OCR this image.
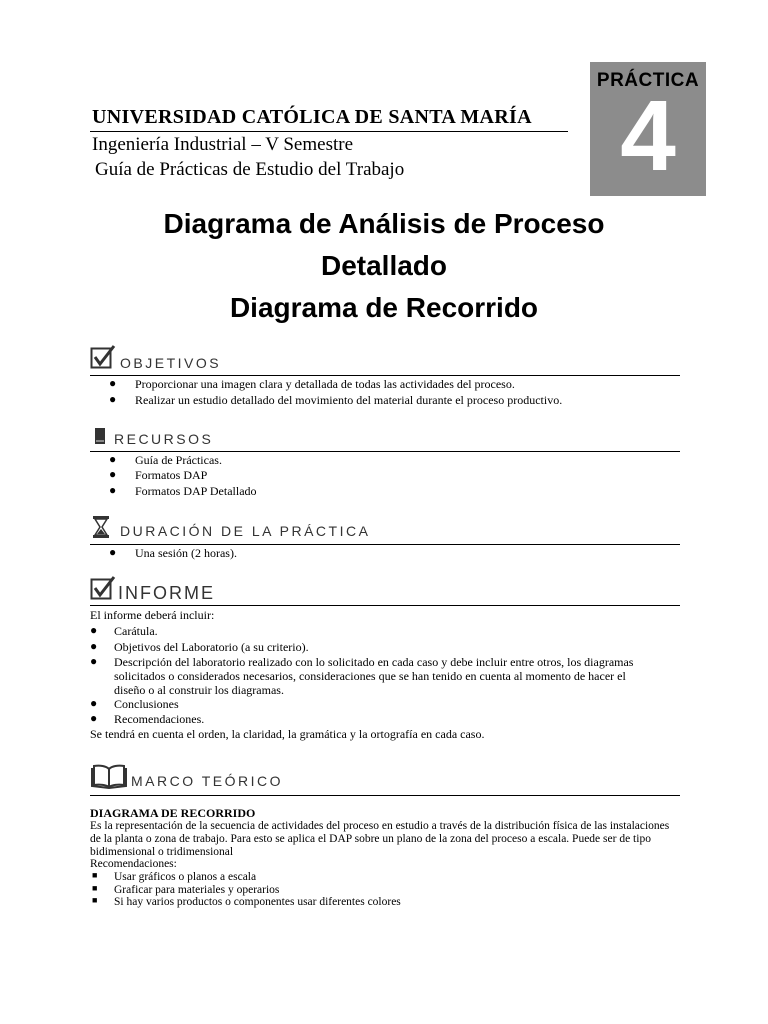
UNIVERSIDAD CATÓLICA DE SANTA MARÍA
Ingeniería Industrial – V Semestre
Guía de Prácticas de Estudio del Trabajo
PRÁCTICA
4
Diagrama de Análisis de Proceso
Detallado
Diagrama de Recorrido
OBJETIVOS
● Proporcionar una imagen clara y detallada de todas las actividades del proceso.
● Realizar un estudio detallado del movimiento del material durante el proceso productivo.
RECURSOS
● Guía de Prácticas.
● Formatos DAP
● Formatos DAP Detallado
DURACIÓN DE LA PRÁCTICA
● Una sesión (2 horas).
INFORME
El informe deberá incluir:
● Carátula.
● Objetivos del Laboratorio (a su criterio).
● Descripción del laboratorio realizado con lo solicitado en cada caso y debe incluir entre otros, los diagramas
solicitados o considerados necesarios, consideraciones que se han tenido en cuenta al momento de hacer el
diseño o al construir los diagramas.
● Conclusiones
● Recomendaciones.
Se tendrá en cuenta el orden, la claridad, la gramática y la ortografía en cada caso.
MARCO TEÓRICO
DIAGRAMA DE RECORRIDO
Es la representación de la secuencia de actividades del proceso en estudio a través de la distribución física de las instalaciones
de la planta o zona de trabajo. Para esto se aplica el DAP sobre un plano de la zona del proceso a escala. Puede ser de tipo
bidimensional o tridimensional
Recomendaciones:
■ Usar gráficos o planos a escala
■ Graficar para materiales y operarios
■ Si hay varios productos o componentes usar diferentes colores
